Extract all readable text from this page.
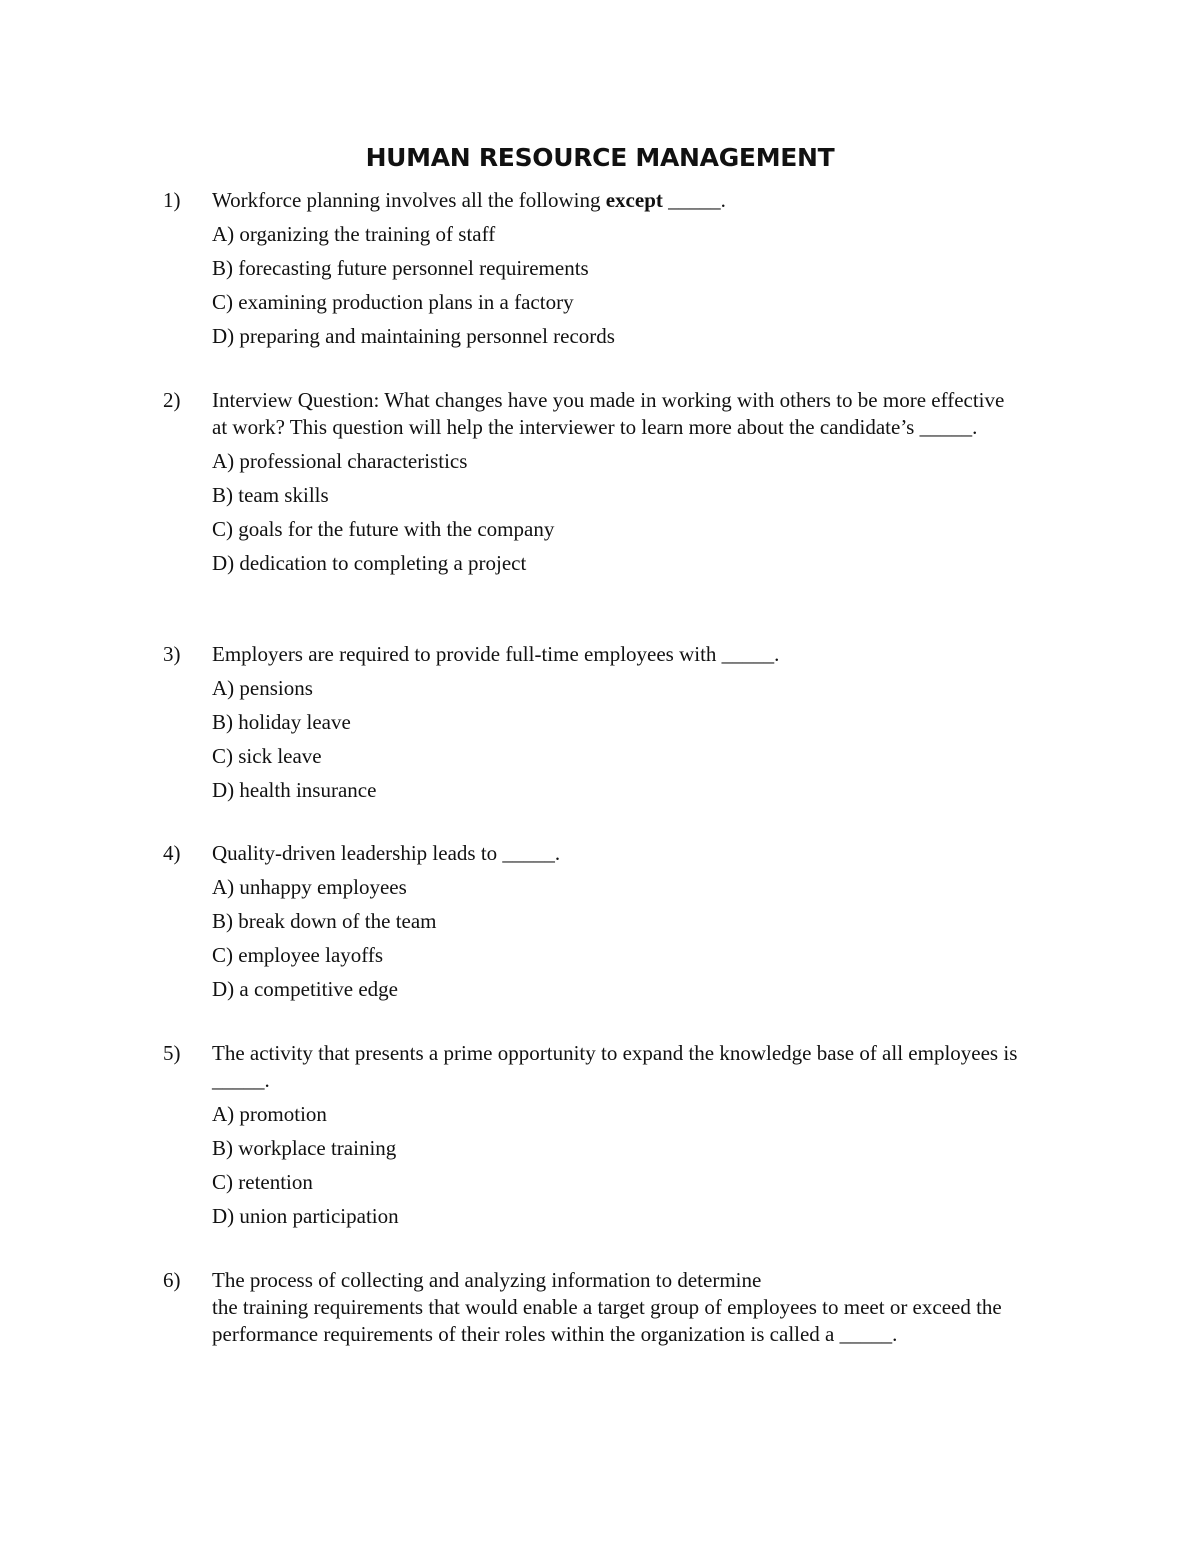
HUMAN RESOURCE MANAGEMENT
1)	Workforce planning involves all the following except _____.
A) organizing the training of staff
B) forecasting future personnel requirements
C) examining production plans in a factory
D) preparing and maintaining personnel records
2)	Interview Question: What changes have you made in working with others to be more effective at work? This question will help the interviewer to learn more about the candidate’s _____.
A) professional characteristics
B) team skills
C) goals for the future with the company
D) dedication to completing a project
3)	Employers are required to provide full-time employees with _____.
A) pensions
B) holiday leave
C) sick leave
D) health insurance
4)	Quality-driven leadership leads to _____.
A) unhappy employees
B) break down of the team
C) employee layoffs
D) a competitive edge
5)	The activity that presents a prime opportunity to expand the knowledge base of all employees is _____.
A) promotion
B) workplace training
C) retention
D) union participation
6)	The process of collecting and analyzing information to determine
the training requirements that would enable a target group of employees to meet or exceed the performance requirements of their roles within the organization is called a _____.
